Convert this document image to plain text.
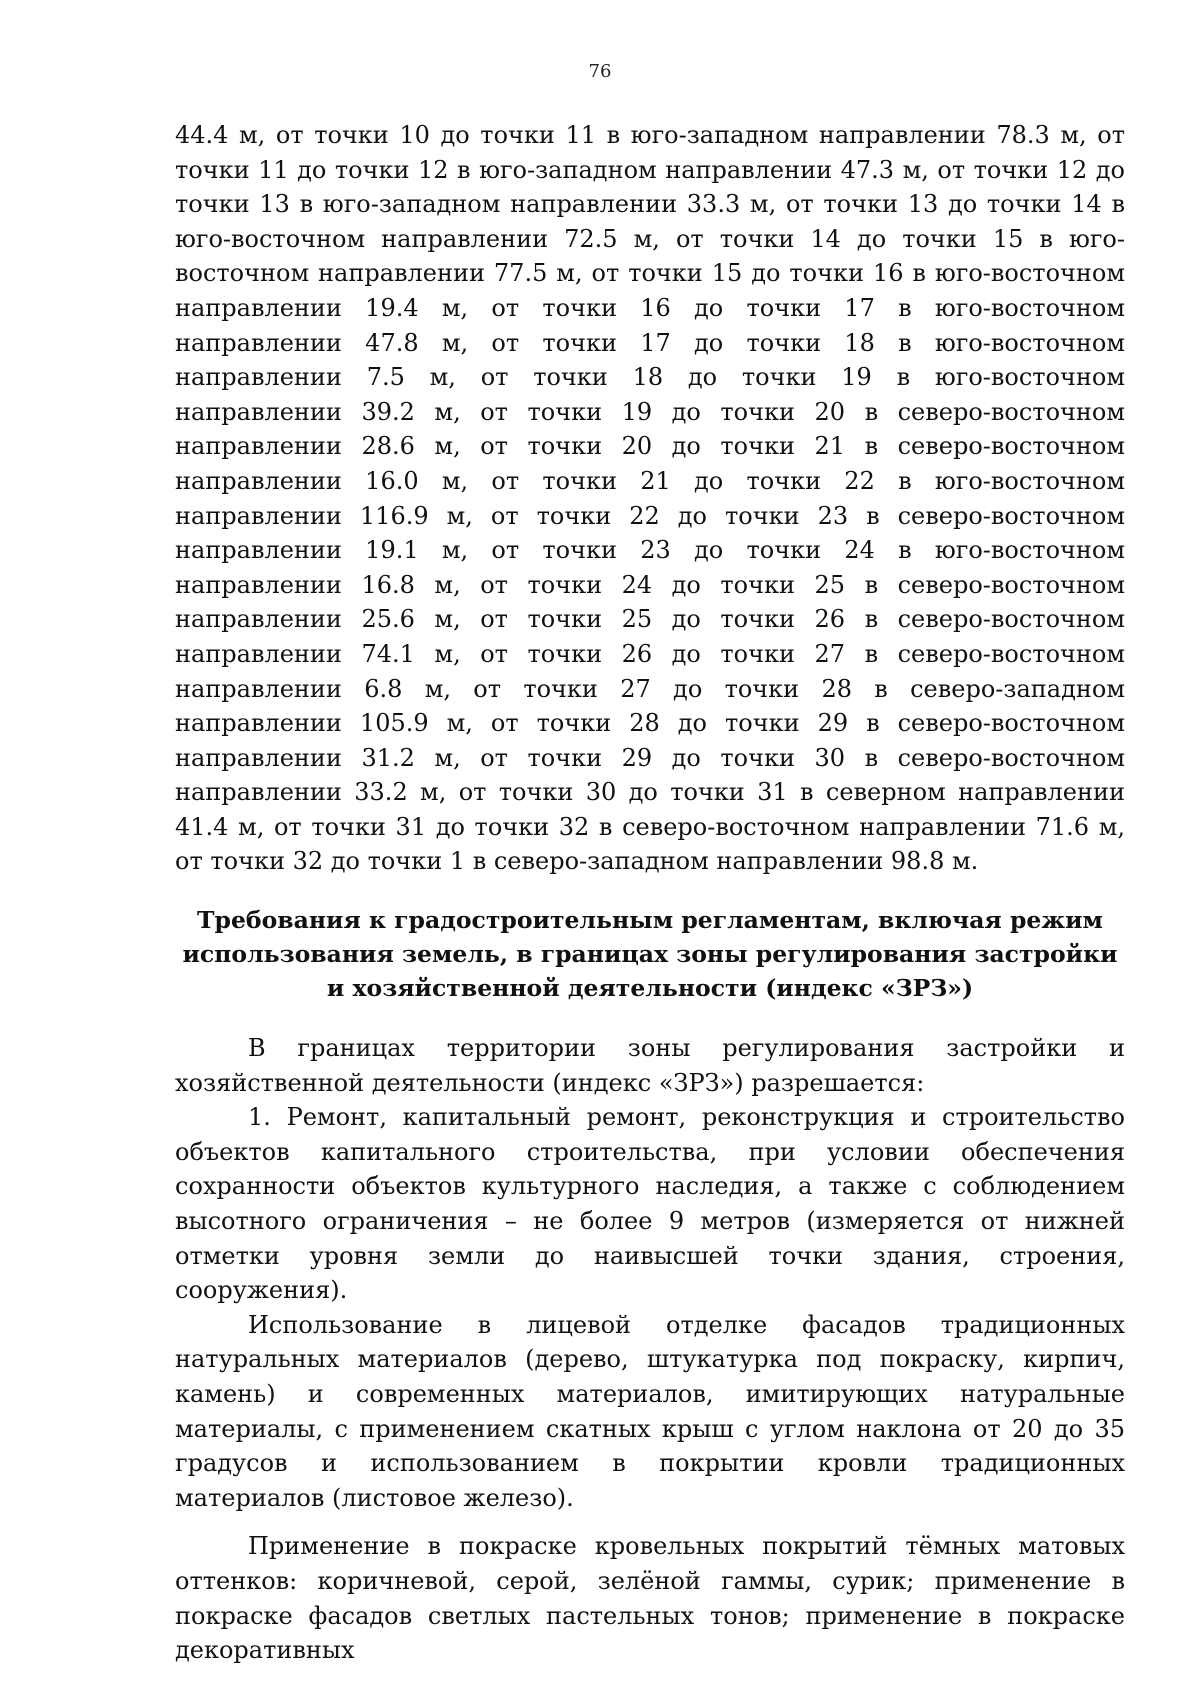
76

44.4 м, от точки 10 до точки 11 в юго-западном направлении 78.3 м, от точки 11 до точки 12 в юго-западном направлении 47.3 м, от точки 12 до точки 13 в юго-западном направлении 33.3 м, от точки 13 до точки 14 в юго-восточном направлении 72.5 м, от точки 14 до точки 15 в юго-восточном направлении 77.5 м, от точки 15 до точки 16 в юго-восточном направлении 19.4 м, от точки 16 до точки 17 в юго-восточном направлении 47.8 м, от точки 17 до точки 18 в юго-восточном направлении 7.5 м, от точки 18 до точки 19 в юго-восточном направлении 39.2 м, от точки 19 до точки 20 в северо-восточном направлении 28.6 м, от точки 20 до точки 21 в северо-восточном направлении 16.0 м, от точки 21 до точки 22 в юго-восточном направлении 116.9 м, от точки 22 до точки 23 в северо-восточном направлении 19.1 м, от точки 23 до точки 24 в юго-восточном направлении 16.8 м, от точки 24 до точки 25 в северо-восточном направлении 25.6 м, от точки 25 до точки 26 в северо-восточном направлении 74.1 м, от точки 26 до точки 27 в северо-восточном направлении 6.8 м, от точки 27 до точки 28 в северо-западном направлении 105.9 м, от точки 28 до точки 29 в северо-восточном направлении 31.2 м, от точки 29 до точки 30 в северо-восточном направлении 33.2 м, от точки 30 до точки 31 в северном направлении 41.4 м, от точки 31 до точки 32 в северо-восточном направлении 71.6 м, от точки 32 до точки 1 в северо-западном направлении 98.8 м.

Требования к градостроительным регламентам, включая режим
использования земель, в границах зоны регулирования застройки
и хозяйственной деятельности (индекс «ЗРЗ»)

В границах территории зоны регулирования застройки и хозяйственной деятельности (индекс «ЗРЗ») разрешается:

1. Ремонт, капитальный ремонт, реконструкция и строительство объектов капитального строительства, при условии обеспечения сохранности объектов культурного наследия, а также с соблюдением высотного ограничения – не более 9 метров (измеряется от нижней отметки уровня земли до наивысшей точки здания, строения, сооружения).

Использование в лицевой отделке фасадов традиционных натуральных материалов (дерево, штукатурка под покраску, кирпич, камень) и современных материалов, имитирующих натуральные материалы, с применением скатных крыш с углом наклона от 20 до 35 градусов и использованием в покрытии кровли традиционных материалов (листовое железо).

Применение в покраске кровельных покрытий тёмных матовых оттенков: коричневой, серой, зелёной гаммы, сурик; применение в покраске фасадов светлых пастельных тонов; применение в покраске декоративных
